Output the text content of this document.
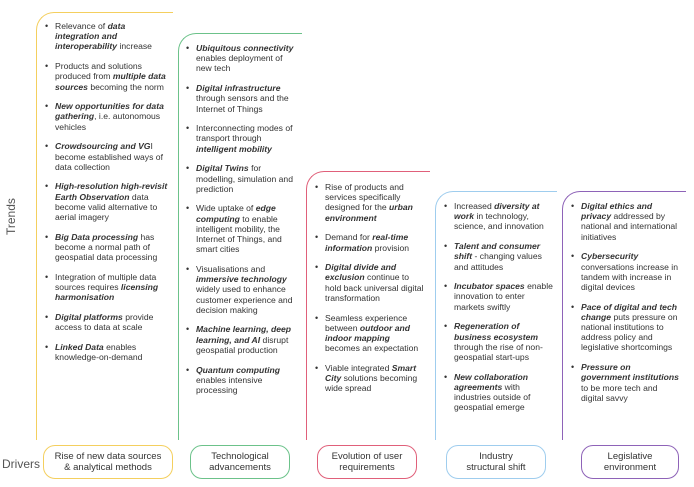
Trends
Drivers
• Relevance of data integration and interoperability increase
• Products and solutions produced from multiple data sources becoming the norm
• New opportunities for data gathering, i.e. autonomous vehicles
• Crowdsourcing and VGI become established ways of data collection
• High-resolution high-revisit Earth Observation data become valid alternative to aerial imagery
• Big Data processing has become a normal path of geospatial data processing
• Integration of multiple data sources requires licensing harmonisation
• Digital platforms provide access to data at scale
• Linked Data enables knowledge-on-demand
• Ubiquitous connectivity enables deployment of new tech
• Digital infrastructure through sensors and the Internet of Things
• Interconnecting modes of transport through intelligent mobility
• Digital Twins for modelling, simulation and prediction
• Wide uptake of edge computing to enable intelligent mobility, the Internet of Things, and smart cities
• Visualisations and immersive technology widely used to enhance customer experience and decision making
• Machine learning, deep learning, and AI disrupt geospatial production
• Quantum computing enables intensive processing
• Rise of products and services specifically designed for the urban environment
• Demand for real-time information provision
• Digital divide and exclusion continue to hold back universal digital transformation
• Seamless experience between outdoor and indoor mapping becomes an expectation
• Viable integrated Smart City solutions becoming wide spread
• Increased diversity at work in technology, science, and innovation
• Talent and consumer shift - changing values and attitudes
• Incubator spaces enable innovation to enter markets swiftly
• Regeneration of business ecosystem through the rise of non-geospatial start-ups
• New collaboration agreements with industries outside of geospatial emerge
• Digital ethics and privacy addressed by national and international initiatives
• Cybersecurity conversations increase in tandem with increase in digital devices
• Pace of digital and tech change puts pressure on national institutions to address policy and legislative shortcomings
• Pressure on government institutions to be more tech and digital savvy
Rise of new data sources
& analytical methods
Technological
advancements
Evolution of user
requirements
Industry
structural shift
Legislative
environment
